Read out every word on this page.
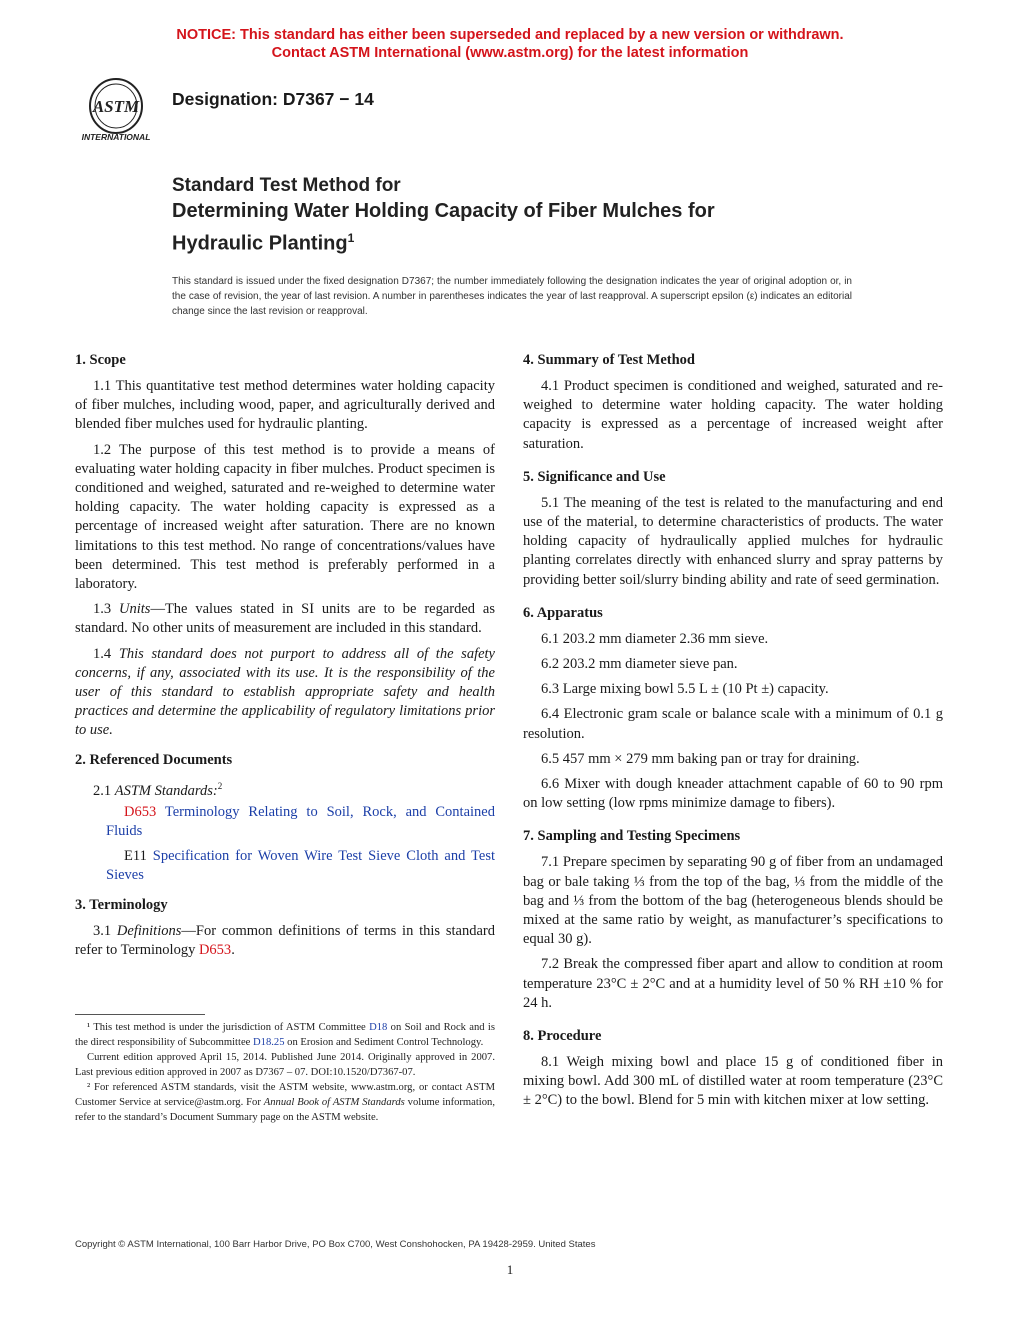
NOTICE: This standard has either been superseded and replaced by a new version or withdrawn.
Contact ASTM International (www.astm.org) for the latest information
ASTM
INTERNATIONAL
Designation: D7367 − 14
Standard Test Method for
Determining Water Holding Capacity of Fiber Mulches for
Hydraulic Planting$^1$
This standard is issued under the fixed designation D7367; the number immediately following the designation indicates the year of original adoption or, in the case of revision, the year of last revision. A number in parentheses indicates the year of last reapproval. A superscript epsilon (ε) indicates an editorial change since the last revision or reapproval.
1. Scope

1.1 This quantitative test method determines water holding capacity of fiber mulches, including wood, paper, and agriculturally derived and blended fiber mulches used for hydraulic planting.

1.2 The purpose of this test method is to provide a means of evaluating water holding capacity in fiber mulches. Product specimen is conditioned and weighed, saturated and re-weighed to determine water holding capacity. The water holding capacity is expressed as a percentage of increased weight after saturation. There are no known limitations to this test method. No range of concentrations/values have been determined. This test method is preferably performed in a laboratory.

1.3 Units—The values stated in SI units are to be regarded as standard. No other units of measurement are included in this standard.

1.4 This standard does not purport to address all of the safety concerns, if any, associated with its use. It is the responsibility of the user of this standard to establish appropriate safety and health practices and determine the applicability of regulatory limitations prior to use.

2. Referenced Documents

2.1 ASTM Standards:$^2$

D653 Terminology Relating to Soil, Rock, and Contained Fluids

E11 Specification for Woven Wire Test Sieve Cloth and Test Sieves

3. Terminology

3.1 Definitions—For common definitions of terms in this standard refer to Terminology D653.

¹ This test method is under the jurisdiction of ASTM Committee D18 on Soil and Rock and is the direct responsibility of Subcommittee D18.25 on Erosion and Sediment Control Technology.

Current edition approved April 15, 2014. Published June 2014. Originally approved in 2007. Last previous edition approved in 2007 as D7367 – 07. DOI:10.1520/D7367-07.

² For referenced ASTM standards, visit the ASTM website, www.astm.org, or contact ASTM Customer Service at service@astm.org. For Annual Book of ASTM Standards volume information, refer to the standard’s Document Summary page on the ASTM website.

4. Summary of Test Method

4.1 Product specimen is conditioned and weighed, saturated and re-weighed to determine water holding capacity. The water holding capacity is expressed as a percentage of increased weight after saturation.

5. Significance and Use

5.1 The meaning of the test is related to the manufacturing and end use of the material, to determine characteristics of products. The water holding capacity of hydraulically applied mulches for hydraulic planting correlates directly with enhanced slurry and spray patterns by providing better soil/slurry binding ability and rate of seed germination.

6. Apparatus

6.1 203.2 mm diameter 2.36 mm sieve.

6.2 203.2 mm diameter sieve pan.

6.3 Large mixing bowl 5.5 L ± (10 Pt ±) capacity.

6.4 Electronic gram scale or balance scale with a minimum of 0.1 g resolution.

6.5 457 mm × 279 mm baking pan or tray for draining.

6.6 Mixer with dough kneader attachment capable of 60 to 90 rpm on low setting (low rpms minimize damage to fibers).

7. Sampling and Testing Specimens

7.1 Prepare specimen by separating 90 g of fiber from an undamaged bag or bale taking ⅓ from the top of the bag, ⅓ from the middle of the bag and ⅓ from the bottom of the bag (heterogeneous blends should be mixed at the same ratio by weight, as manufacturer’s specifications to equal 30 g).

7.2 Break the compressed fiber apart and allow to condition at room temperature 23°C ± 2°C and at a humidity level of 50 % RH ±10 % for 24 h.

8. Procedure

8.1 Weigh mixing bowl and place 15 g of conditioned fiber in mixing bowl. Add 300 mL of distilled water at room temperature (23°C ± 2°C) to the bowl. Blend for 5 min with kitchen mixer at low setting.

Copyright © ASTM International, 100 Barr Harbor Drive, PO Box C700, West Conshohocken, PA 19428-2959. United States
1
